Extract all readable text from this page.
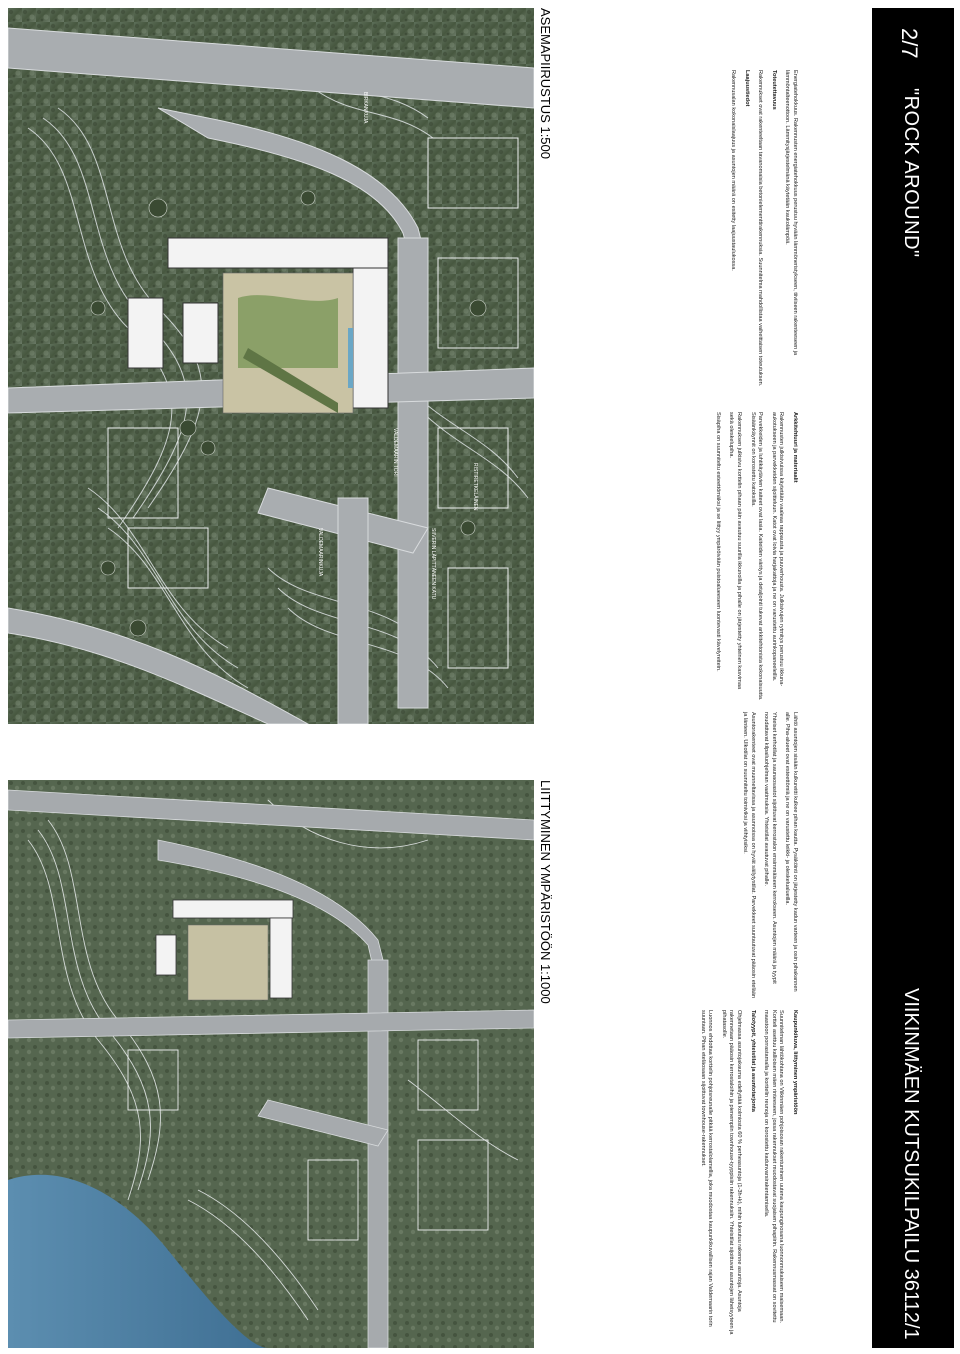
BIRKANKUJA
RISTIRETKELÄINEN
VALDEMAARIN TORI
VALDEMAARINKUJA	SIIVERIN LÄPITTÄNEEN KATU
ASEMAPIIRUSTUS 1:500
LIITTYMINEN YMPÄRISTÖÖN 1:1000

Kaupunkikuva, liittyminen ympäristöön

Suunnitelman lähtökohtana on Viikinmäen pohjoisosan rakentuminen uutena kaupunginosana luonnonmukaiseen maisemaan. Kortteli asettuu kallioisen mäen rinteeseen, jossa rakennukset muodostavat suojaisen pihapiirin. Rakennusmassat on sovitettu maastoon porrastamalla ja korttelin reunoja on korostettu kadunvarsirakentamisella.

Talotyypit, yhteistilat ja asuntotarjonta

Ohjelmassa asuntojakauma edellyttää kolmiosta 60 % perheasuntoja (1-3h+k), mihin lukeutuu rakenne asuntoja. Asuntoja rakennetaan pääosin kerrostaloihin ja pienempiin townhouse-tyyppisiin rakennuksiin. Yhteistilat sijoittuvat asuntojen läheisyyteen ja pihatasolle.

Luonnos ehdottaa korttelin pohjoisreunalle pitkää kerrostalolamellia, joka muodostaa kaupunkikuvallisen rajan Valdemaarin torin suuntaan. Pihan eteläosaan sijoittuvat townhouse-rakennukset.

Lähtö asuntojen sisään kulkureitti kulkee pihan kautta. Pysäköinti on järjestetty kadun varteen ja osin pihakannen alle. Piha-alueet ovat esteettömiä ja ne on varustettu leikki- ja oleskelualueilla.

Yhteiset kerhotilat ja saunaosastot sijoittuvat kerrostalon ensimmäiseen kerrokseen. Asuntojen määrä ja tyypit noudattavat kilpailuohjelman vaatimuksia. Yhteistilat avautuvat pihalle.

Asuntorakenteet ovat muunneltavissa ja asunnoissa on hyvät säilytystilat. Parvekkeet suuntautuvat pääosin etelään ja länteen. Ulkotilat on suunniteltu toimiviksi ja viihtyisiksi.

Arkkitehtuuri ja materiaalit

Rakennusten julkisivuissa käytetään vaaleaa rappausta ja puuverhousta. Julkisivujen rytmitys perustuu ikkuna-aukotukseen ja parvekkeiden sijoitteluun. Katot ovat loivia harjakattoja ja ne on varustettu aurinkopaneeleilla.

Parvekkeiden ja luhtikäytävien kaiteet ovat lasia. Kaiteiden väritys ja detaljointi tukevat arkkitehtonista kokonaisuutta. Sisäänkäynnit on korostettu katoksilla.

Rakennuksen julkisivu korttelin pihaan päin avautuu suurilla ikkunoilla ja pihalle on järjestetty yhteinen kasvimaa sekä oleskelupiha.

Sisäpiha on suunniteltu esteettömäksi ja se liittyy ympäröivään puistoalueeseen luontevasti kävelyreitein.

Energiatehokkuus. Rakennusten energiatehokkuus perustuu hyvään lämmöneristykseen, tiiviiseen rakenteeseen ja lämmöntalteenottoon. Lämmitysjärjestelmänä käytetään kaukolämpöä.

Toteutettavuus

Rakennukset ovat rakenteeltaan tavanomaisia betonielementtirakennuksia. Suunnitelma mahdollistaa vaiheittaisen toteutuksen.

Laajuustiedot

Rakennusalan kokonaislaajuus ja asuntojen määrä on esitetty laajuustaulukossa.	"ROCK AROUND"
2/7
VIIKINMÄEN KUTSUKILPAILU 36112/1
